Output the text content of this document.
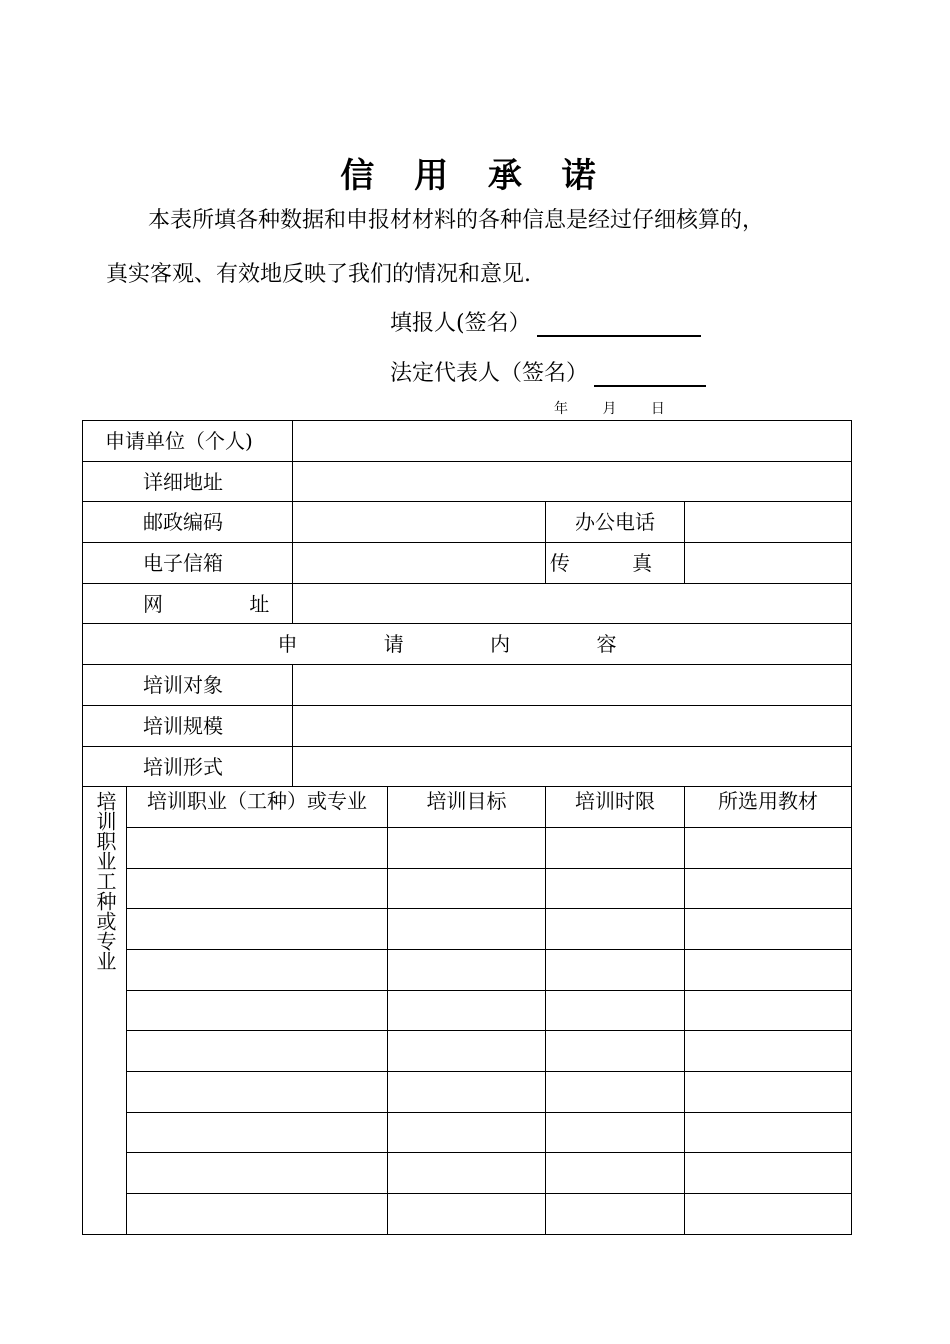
信 用 承 诺

本表所填各种数据和申报材材料的各种信息是经过仔细核算的，
真实客观、有效地反映了我们的情况和意见.

填报人(签名）
法定代表人（签名）
年 月 日
申请单位（个人)					
详细地址					
邮政编码				办公电话	
电子信箱				传 真	
网 址					
申 请 内 容					
培训对象					
培训规模					
培训形式					

培训职业工种或专业	培训职业（工种）或专业		培训目标	培训时限	所选用教材
